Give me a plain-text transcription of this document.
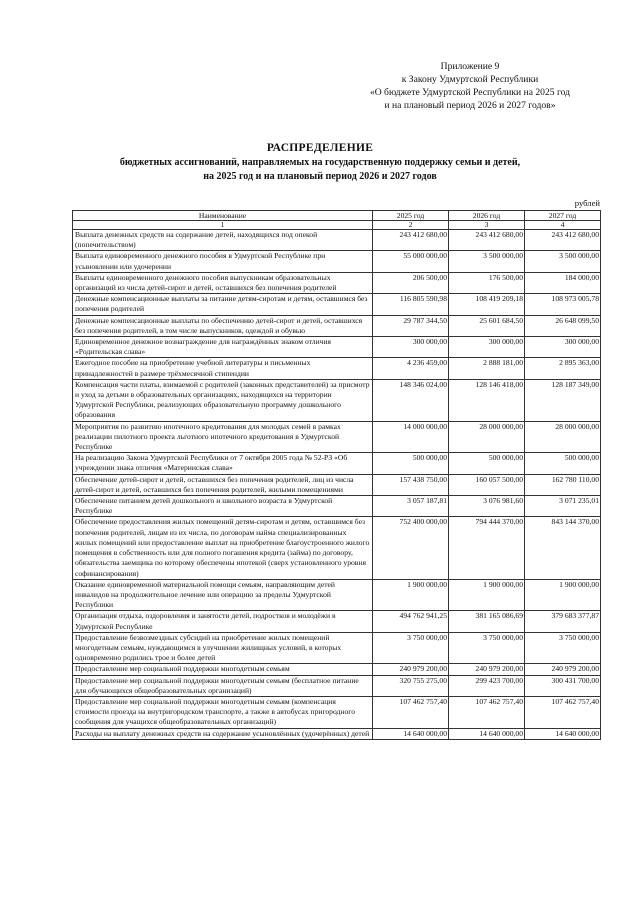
Приложение 9
к Закону Удмуртской Республики
«О бюджете Удмуртской Республики на 2025 год
и на плановый период 2026 и 2027 годов»
РАСПРЕДЕЛЕНИЕ
бюджетных ассигнований, направляемых на государственную поддержку семьи и детей,
на 2025 год и на плановый период 2026 и 2027 годов
рублей
Наименование	2025 год	2026 год	2027 год
1	2	3	4
Выплата денежных средств на содержание детей, находящихся под опекой (попечительством)	243 412 680,00	243 412 680,00	243 412 680,00
Выплата единовременного денежного пособия в Удмуртской Республике при усыновлении или удочерении	55 000 000,00	3 500 000,00	3 500 000,00
Выплаты единовременного денежного пособия выпускникам образовательных организаций из числа детей-сирот и детей, оставшихся без попечения родителей	206 500,00	176 500,00	184 000,00
Денежные компенсационные выплаты за питание детям-сиротам и детям, оставшимся без попечения родителей	116 805 590,98	108 419 209,18	108 973 005,78
Денежные компенсационные выплаты по обеспечению детей-сирот и детей, оставшихся без попечения родителей, в том числе выпускников, одеждой и обувью	29 787 344,50	25 601 684,50	26 648 099,50
Единовременное денежное вознаграждение для награждённых знаком отличия «Родительская слава»	300 000,00	300 000,00	300 000,00
Ежегодное пособие на приобретение учебной литературы и письменных принадлежностей в размере трёхмесячной стипендии	4 236 459,00	2 888 181,00	2 895 363,00
Компенсация части платы, взимаемой с родителей (законных представителей) за присмотр и уход за детьми в образовательных организациях, находящихся на территории Удмуртской Республики, реализующих образовательную программу дошкольного образования	148 346 024,00	128 146 418,00	128 187 349,00
Мероприятия по развитию ипотечного кредитования для молодых семей в рамках реализации пилотного проекта льготного ипотечного кредитования в Удмуртской Республике	14 000 000,00	28 000 000,00	28 000 000,00
На реализацию Закона Удмуртской Республики от 7 октября 2005 года № 52-РЗ «Об учреждении знака отличия «Материнская слава»	500 000,00	500 000,00	500 000,00
Обеспечение детей-сирот и детей, оставшихся без попечения родителей, лиц из числа детей-сирот и детей, оставшихся без попечения родителей, жилыми помещениями	157 438 750,00	160 057 500,00	162 780 110,00
Обеспечение питанием детей дошкольного и школьного возраста в Удмуртской Республике	3 057 187,81	3 076 981,60	3 071 235,01
Обеспечение предоставления жилых помещений детям-сиротам и детям, оставшимся без попечения родителей, лицам из их числа, по договорам найма специализированных жилых помещений или предоставление выплат на приобретение благоустроенного жилого помещения в собственность или для полного погашения кредита (займа) по договору, обязательства заемщика по которому обеспечены ипотекой (сверх установленного уровня софинансирования)	752 400 000,00	794 444 370,00	843 144 370,00
Оказание единовременной материальной помощи семьям, направляющим детей инвалидов на продолжительное лечение или операцию за пределы Удмуртской Республики	1 900 000,00	1 900 000,00	1 900 000,00
Организация отдыха, оздоровления и занятости детей, подростков и молодёжи в Удмуртской Республике	494 762 941,25	381 165 086,69	379 683 377,87
Предоставление безвозмездных субсидий на приобретение жилых помещений многодетным семьям, нуждающимся в улучшении жилищных условий, в которых одновременно родились трое и более детей	3 750 000,00	3 750 000,00	3 750 000,00
Предоставление мер социальной поддержки многодетным семьям	240 979 200,00	240 979 200,00	240 979 200,00
Предоставление мер социальной поддержки многодетным семьям (бесплатное питание для обучающихся общеобразовательных организаций)	320 755 275,00	299 423 700,00	300 431 700,00
Предоставление мер социальной поддержки многодетным семьям (компенсация стоимости проезда на внутригородском транспорте, а также в автобусах пригородного сообщения для учащихся общеобразовательных организаций)	107 462 757,40	107 462 757,40	107 462 757,40
Расходы на выплату денежных средств на содержание усыновлённых (удочерённых) детей	14 640 000,00	14 640 000,00	14 640 000,00
